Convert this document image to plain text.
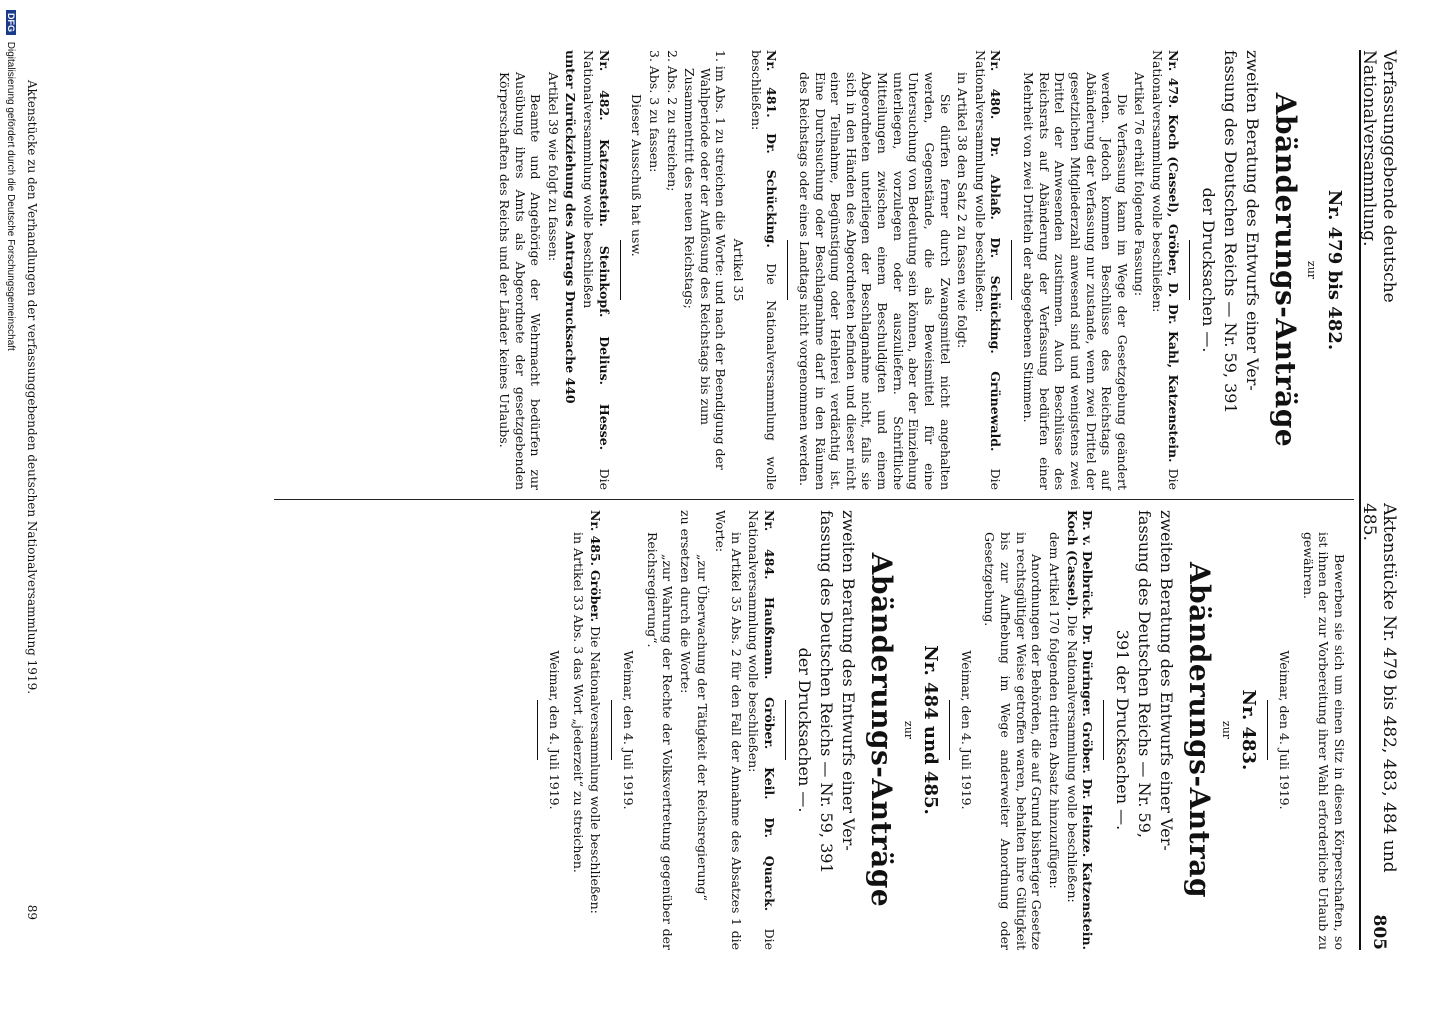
Verfassunggebende deutsche Nationalversammlung.
Aktenstücke Nr. 479 bis 482, 483, 484 und 485.
805
Nr. 479 bis 482.
zur
Abänderungs-Anträge
zweiten Beratung des Entwurfs einer Ver-
fassung des Deutschen Reichs — Nr. 59, 391
der Drucksachen —.

Nr. 479. Koch (Cassel), Gröber, D. Dr. Kahl, Katzenstein. Die Nationalversammlung wolle beschließen:

Artikel 76 erhält folgende Fassung:

Die Verfassung kann im Wege der Gesetzgebung geändert werden. Jedoch kommen Beschlüsse des Reichstags auf Abänderung der Verfassung nur zustande, wenn zwei Drittel der gesetzlichen Mitgliederzahl anwesend sind und wenigstens zwei Drittel der Anwesenden zustimmen. Auch Beschlüsse des Reichsrats auf Abänderung der Verfassung bedürfen einer Mehrheit von zwei Dritteln der abgegebenen Stimmen.

Nr. 480. Dr. Ablaß. Dr. Schücking. Grünewald. Die Nationalversammlung wolle beschließen:

in Artikel 38 den Satz 2 zu fassen wie folgt:

Sie dürfen ferner durch Zwangsmittel nicht angehalten werden, Gegenstände, die als Beweismittel für eine Untersuchung von Bedeutung sein können, aber der Einziehung unterliegen, vorzulegen oder auszuliefern. Schriftliche Mitteilungen zwischen einem Beschuldigten und einem Abgeordneten unterliegen der Beschlagnahme nicht, falls sie sich in den Händen des Abgeordneten befinden und dieser nicht einer Teilnahme, Begünstigung oder Hehlerei verdächtig ist. Eine Durchsuchung oder Beschlagnahme darf in den Räumen des Reichstags oder eines Landtags nicht vorgenommen werden.

Nr. 481. Dr. Schücking. Die Nationalversammlung wolle beschließen:

Artikel 35

1. im Abs. 1 zu streichen die Worte: und nach der Beendigung der Wahlperiode oder der Auflösung des Reichstags bis zum Zusammentritt des neuen Reichstags;
2. Abs. 2 zu streichen;
3. Abs. 3 zu fassen:

Dieser Ausschuß hat usw.

Nr. 482. Katzenstein. Steinkopf. Delius. Hesse. Die Nationalversammlung wolle beschließen

unter Zurückziehung des Antrags Drucksache 440

Artikel 39 wie folgt zu fassen:

Beamte und Angehörige der Wehrmacht bedürfen zur Ausübung ihres Amts als Abgeordnete der gesetzgebenden Körperschaften des Reichs und der Länder keines Urlaubs.

Bewerben sie sich um einen Sitz in diesen Körperschaften, so ist ihnen der zur Vorbereitung ihrer Wahl erforderliche Urlaub zu gewähren.

Weimar, den 4. Juli 1919.
Nr. 483.
zur
Abänderungs-Antrag
zweiten Beratung des Entwurfs einer Ver-
fassung des Deutschen Reichs — Nr. 59,
391 der Drucksachen —.

Dr. v. Delbrück. Dr. Düringer. Gröber. Dr. Heinze. Katzenstein. Koch (Cassel). Die Nationalversammlung wolle beschließen:

dem Artikel 170 folgenden dritten Absatz hinzuzufügen:

Anordnungen der Behörden, die auf Grund bisheriger Gesetze in rechtsgültiger Weise getroffen waren, behalten ihre Gültigkeit bis zur Aufhebung im Wege anderweiter Anordnung oder Gesetzgebung.

Weimar, den 4. Juli 1919.
Nr. 484 und 485.
zur
Abänderungs-Anträge
zweiten Beratung des Entwurfs einer Ver-
fassung des Deutschen Reichs — Nr. 59, 391
der Drucksachen —.

Nr. 484. Haußmann. Gröber. Keil. Dr. Quarck. Die Nationalversammlung wolle beschließen:

in Artikel 35 Abs. 2 für den Fall der Annahme des Absatzes 1 die Worte:

„zur Überwachung der Tätigkeit der Reichsregierung“

zu ersetzen durch die Worte:

„zur Wahrung der Rechte der Volksvertretung gegenüber der Reichsregierung“.

Weimar, den 4. Juli 1919.

Nr. 485. Gröber. Die Nationalversammlung wolle beschließen:

in Artikel 33 Abs. 3 das Wort „jederzeit“ zu streichen.

Weimar, den 4. Juli 1919.
Aktenstücke zu den Verhandlungen der verfassunggebenden deutschen Nationalversammlung 1919.
89
DFG Digitalisierung gefördert durch die Deutsche Forschungsgemeinschaft
